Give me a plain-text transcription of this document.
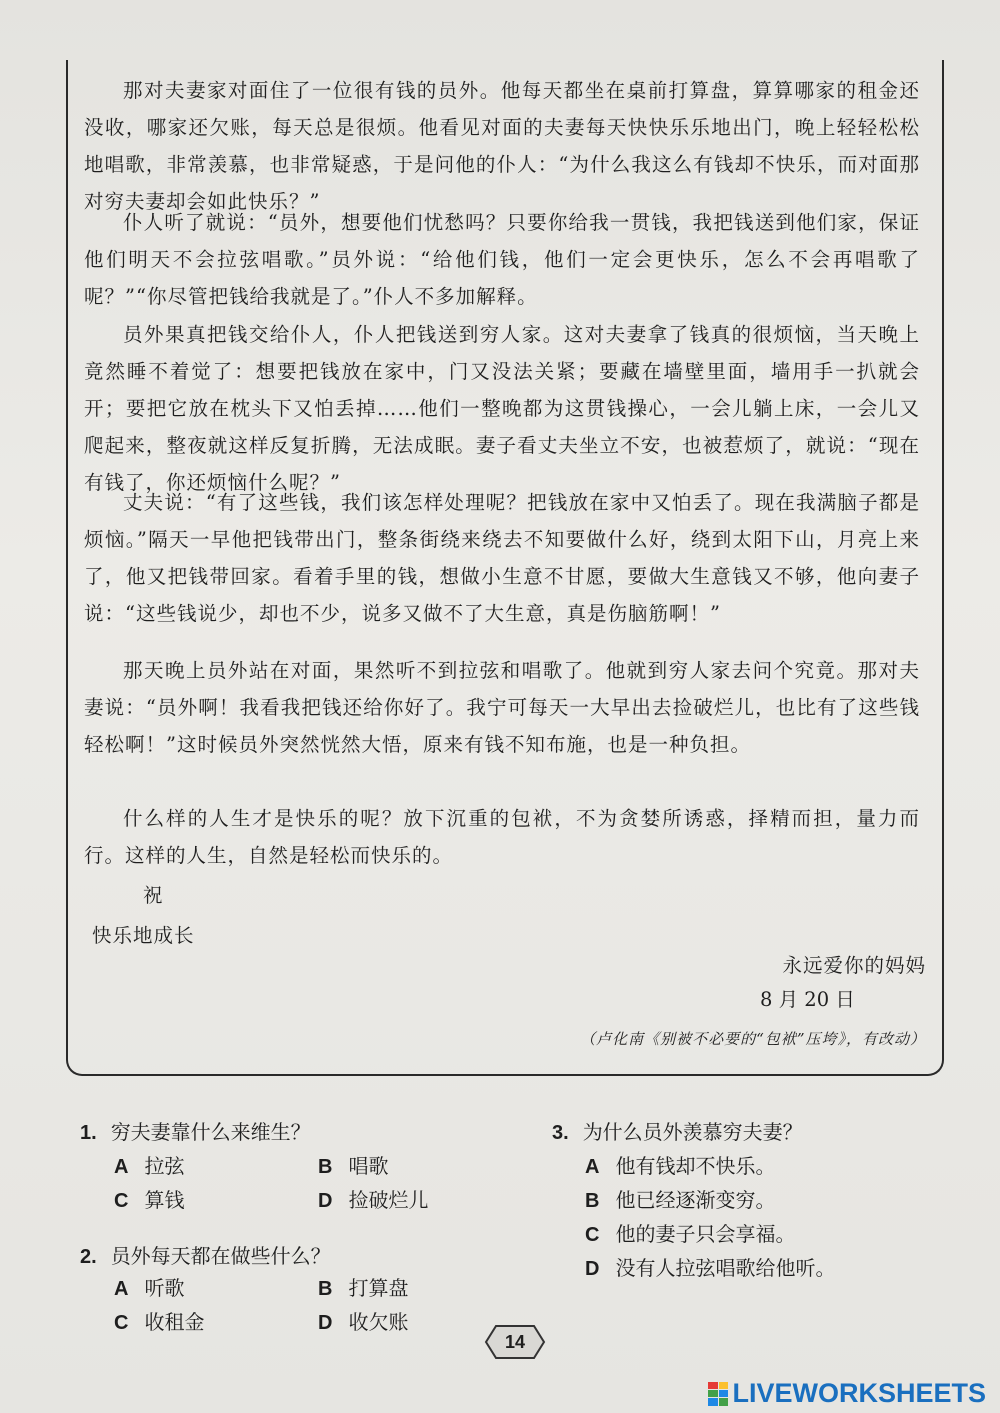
那对夫妻家对面住了一位很有钱的员外。他每天都坐在桌前打算盘，算算哪家的租金还没收，哪家还欠账，每天总是很烦。他看见对面的夫妻每天快快乐乐地出门，晚上轻轻松松地唱歌，非常羡慕，也非常疑惑，于是问他的仆人：“为什么我这么有钱却不快乐，而对面那对穷夫妻却会如此快乐？”

仆人听了就说：“员外，想要他们忧愁吗？只要你给我一贯钱，我把钱送到他们家，保证他们明天不会拉弦唱歌。”员外说：“给他们钱，他们一定会更快乐，怎么不会再唱歌了呢？”“你尽管把钱给我就是了。”仆人不多加解释。

员外果真把钱交给仆人，仆人把钱送到穷人家。这对夫妻拿了钱真的很烦恼，当天晚上竟然睡不着觉了：想要把钱放在家中，门又没法关紧；要藏在墙壁里面，墙用手一扒就会开；要把它放在枕头下又怕丢掉……他们一整晚都为这贯钱操心，一会儿躺上床，一会儿又爬起来，整夜就这样反复折腾，无法成眠。妻子看丈夫坐立不安，也被惹烦了，就说：“现在有钱了，你还烦恼什么呢？”

丈夫说：“有了这些钱，我们该怎样处理呢？把钱放在家中又怕丢了。现在我满脑子都是烦恼。”隔天一早他把钱带出门，整条街绕来绕去不知要做什么好，绕到太阳下山，月亮上来了，他又把钱带回家。看着手里的钱，想做小生意不甘愿，要做大生意钱又不够，他向妻子说：“这些钱说少，却也不少，说多又做不了大生意，真是伤脑筋啊！”

那天晚上员外站在对面，果然听不到拉弦和唱歌了。他就到穷人家去问个究竟。那对夫妻说：“员外啊！我看我把钱还给你好了。我宁可每天一大早出去捡破烂儿，也比有了这些钱轻松啊！”这时候员外突然恍然大悟，原来有钱不知布施，也是一种负担。

什么样的人生才是快乐的呢？放下沉重的包袱，不为贪婪所诱惑，择精而担，量力而行。这样的人生，自然是轻松而快乐的。

祝
快乐地成长
永远爱你的妈妈
8 月 20 日
（卢化南《别被不必要的“包袱”压垮》，有改动）
1. 穷夫妻靠什么来维生？
A 拉弦	B 唱歌
C 算钱	D 捡破烂儿
2. 员外每天都在做些什么？
A 听歌	B 打算盘
C 收租金	D 收欠账
3. 为什么员外羡慕穷夫妻？
A 他有钱却不快乐。
B 他已经逐渐变穷。
C 他的妻子只会享福。
D 没有人拉弦唱歌给他听。
14
LIVEWORKSHEETS
